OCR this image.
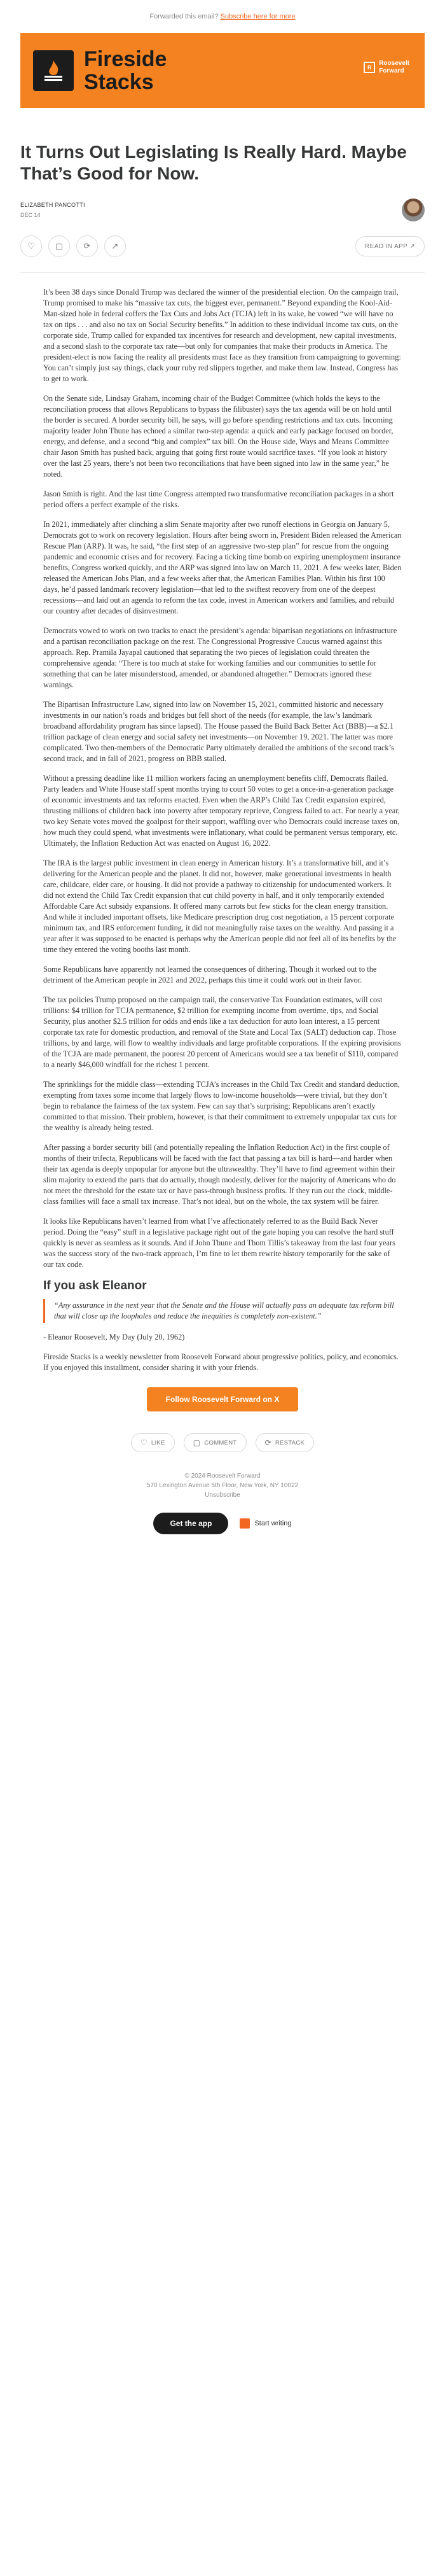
Forwarded this email? Subscribe here for more
Fireside
Stacks
R
Roosevelt
Forward
It Turns Out Legislating Is Really Hard. Maybe That’s Good for Now.
ELIZABETH PANCOTTI
DEC 14
♡ ▢ ⟳	↗	READ IN APP ↗

It’s been 38 days since Donald Trump was declared the winner of the presidential election. On the campaign trail, Trump promised to make his “massive tax cuts, the biggest ever, permanent.” Beyond expanding the Kool-Aid-Man-sized hole in federal coffers the Tax Cuts and Jobs Act (TCJA) left in its wake, he vowed “we will have no tax on tips . . . and also no tax on Social Security benefits.” In addition to these individual income tax cuts, on the corporate side, Trump called for expanded tax incentives for research and development, new capital investments, and a second slash to the corporate tax rate—but only for companies that make their products in America. The president-elect is now facing the reality all presidents must face as they transition from campaigning to governing: You can’t simply just say things, clack your ruby red slippers together, and make them law. Instead, Congress has to get to work.

On the Senate side, Lindsay Graham, incoming chair of the Budget Committee (which holds the keys to the reconciliation process that allows Republicans to bypass the filibuster) says the tax agenda will be on hold until the border is secured. A border security bill, he says, will go before spending restrictions and tax cuts. Incoming majority leader John Thune has echoed a similar two-step agenda: a quick and early package focused on border, energy, and defense, and a second “big and complex” tax bill. On the House side, Ways and Means Committee chair Jason Smith has pushed back, arguing that going first route would sacrifice taxes. “If you look at history over the last 25 years, there’s not been two reconciliations that have been signed into law in the same year,” he noted.

Jason Smith is right. And the last time Congress attempted two transformative reconciliation packages in a short period offers a perfect example of the risks.

In 2021, immediately after clinching a slim Senate majority after two runoff elections in Georgia on January 5, Democrats got to work on recovery legislation. Hours after being sworn in, President Biden released the American Rescue Plan (ARP). It was, he said, “the first step of an aggressive two-step plan” for rescue from the ongoing pandemic and economic crises and for recovery. Facing a ticking time bomb on expiring unemployment insurance benefits, Congress worked quickly, and the ARP was signed into law on March 11, 2021. A few weeks later, Biden released the American Jobs Plan, and a few weeks after that, the American Families Plan. Within his first 100 days, he’d passed landmark recovery legislation—that led to the swiftest recovery from one of the deepest recessions—and laid out an agenda to reform the tax code, invest in American workers and families, and rebuild our country after decades of disinvestment.

Democrats vowed to work on two tracks to enact the president’s agenda: bipartisan negotiations on infrastructure and a partisan reconciliation package on the rest. The Congressional Progressive Caucus warned against this approach. Rep. Pramila Jayapal cautioned that separating the two pieces of legislation could threaten the comprehensive agenda: “There is too much at stake for working families and our communities to settle for something that can be later misunderstood, amended, or abandoned altogether.” Democrats ignored these warnings.

The Bipartisan Infrastructure Law, signed into law on November 15, 2021, committed historic and necessary investments in our nation’s roads and bridges but fell short of the needs (for example, the law’s landmark broadband affordability program has since lapsed). The House passed the Build Back Better Act (BBB)—a $2.1 trillion package of clean energy and social safety net investments—on November 19, 2021. The latter was more complicated. Two then-members of the Democratic Party ultimately derailed the ambitions of the second track’s second track, and in fall of 2021, progress on BBB stalled.

Without a pressing deadline like 11 million workers facing an unemployment benefits cliff, Democrats flailed. Party leaders and White House staff spent months trying to court 50 votes to get a once-in-a-generation package of economic investments and tax reforms enacted. Even when the ARP’s Child Tax Credit expansion expired, thrusting millions of children back into poverty after temporary reprieve, Congress failed to act. For nearly a year, two key Senate votes moved the goalpost for their support, waffling over who Democrats could increase taxes on, how much they could spend, what investments were inflationary, what could be permanent versus temporary, etc. Ultimately, the Inflation Reduction Act was enacted on August 16, 2022.

The IRA is the largest public investment in clean energy in American history. It’s a transformative bill, and it’s delivering for the American people and the planet. It did not, however, make generational investments in health care, childcare, elder care, or housing. It did not provide a pathway to citizenship for undocumented workers. It did not extend the Child Tax Credit expansion that cut child poverty in half, and it only temporarily extended Affordable Care Act subsidy expansions. It offered many carrots but few sticks for the clean energy transition. And while it included important offsets, like Medicare prescription drug cost negotiation, a 15 percent corporate minimum tax, and IRS enforcement funding, it did not meaningfully raise taxes on the wealthy. And passing it a year after it was supposed to be enacted is perhaps why the American people did not feel all of its benefits by the time they entered the voting booths last month.

Some Republicans have apparently not learned the consequences of dithering. Though it worked out to the detriment of the American people in 2021 and 2022, perhaps this time it could work out in their favor.

The tax policies Trump proposed on the campaign trail, the conservative Tax Foundation estimates, will cost trillions: $4 trillion for TCJA permanence, $2 trillion for exempting income from overtime, tips, and Social Security, plus another $2.5 trillion for odds and ends like a tax deduction for auto loan interest, a 15 percent corporate tax rate for domestic production, and removal of the State and Local Tax (SALT) deduction cap. Those trillions, by and large, will flow to wealthy individuals and large profitable corporations. If the expiring provisions of the TCJA are made permanent, the poorest 20 percent of Americans would see a tax benefit of $110, compared to a nearly $46,000 windfall for the richest 1 percent.

The sprinklings for the middle class—extending TCJA’s increases in the Child Tax Credit and standard deduction, exempting from taxes some income that largely flows to low-income households—were trivial, but they don’t begin to rebalance the fairness of the tax system. Few can say that’s surprising; Republicans aren’t exactly committed to that mission. Their problem, however, is that their commitment to extremely unpopular tax cuts for the wealthy is already being tested.

After passing a border security bill (and potentially repealing the Inflation Reduction Act) in the first couple of months of their trifecta, Republicans will be faced with the fact that passing a tax bill is hard—and harder when their tax agenda is deeply unpopular for anyone but the ultrawealthy. They’ll have to find agreement within their slim majority to extend the parts that do actually, though modestly, deliver for the majority of Americans who do not meet the threshold for the estate tax or have pass-through business profits. If they run out the clock, middle-class families will face a small tax increase. That’s not ideal, but on the whole, the tax system will be fairer.

It looks like Republicans haven’t learned from what I’ve affectionately referred to as the Build Back Never period. Doing the “easy” stuff in a legislative package right out of the gate hoping you can resolve the hard stuff quickly is never as seamless as it sounds. And if John Thune and Thom Tillis’s takeaway from the last four years was the success story of the two-track approach, I’m fine to let them rewrite history temporarily for the sake of our tax code.

If you ask Eleanor
“Any assurance in the next year that the Senate and the House will actually pass an adequate tax reform bill that will close up the loopholes and reduce the inequities is completely non-existent.”

- Eleanor Roosevelt, My Day (July 20, 1962)

Fireside Stacks is a weekly newsletter from Roosevelt Forward about progressive politics, policy, and economics. If you enjoyed this installment, consider sharing it with your friends.

Follow Roosevelt Forward on X
♡ LIKE	▢ COMMENT	⟳ RESTACK
© 2024 Roosevelt Forward
570 Lexington Avenue 5th Floor, New York, NY 10022
Unsubscribe
Get the app	Start writing
